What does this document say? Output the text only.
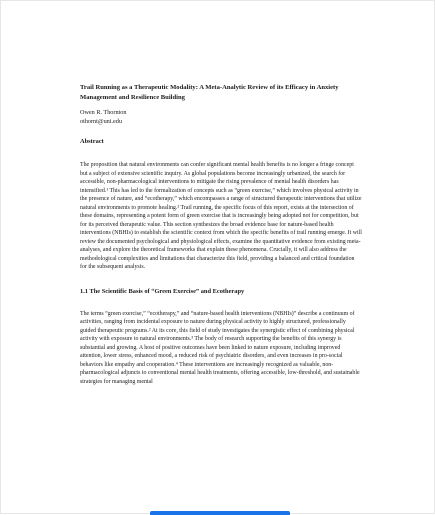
Trail Running as a Therapeutic Modality: A Meta-Analytic Review of its Efficacy in Anxiety Management and Resilience Building

Owen R. Thornton
othornt@uni.edu

Abstract

The proposition that natural environments can confer significant mental health benefits is no longer a fringe concept but a subject of extensive scientific inquiry. As global populations become increasingly urbanized, the search for accessible, non-pharmacological interventions to mitigate the rising prevalence of mental health disorders has intensified.¹ This has led to the formalization of concepts such as “green exercise,” which involves physical activity in the presence of nature, and “ecotherapy,” which encompasses a range of structured therapeutic interventions that utilize natural environments to promote healing.² Trail running, the specific focus of this report, exists at the intersection of these domains, representing a potent form of green exercise that is increasingly being adopted not for competition, but for its perceived therapeutic value. This section synthesizes the broad evidence base for nature-based health interventions (NBHIs) to establish the scientific context from which the specific benefits of trail running emerge. It will review the documented psychological and physiological effects, examine the quantitative evidence from existing meta-analyses, and explore the theoretical frameworks that explain these phenomena. Crucially, it will also address the methodological complexities and limitations that characterize this field, providing a balanced and critical foundation for the subsequent analysis.

1.1 The Scientific Basis of “Green Exercise” and Ecotherapy

The terms “green exercise,” “ecotherapy,” and “nature-based health interventions (NBHIs)” describe a continuum of activities, ranging from incidental exposure to nature during physical activity to highly structured, professionally guided therapeutic programs.² At its core, this field of study investigates the synergistic effect of combining physical activity with exposure to natural environments.³ The body of research supporting the benefits of this synergy is substantial and growing. A host of positive outcomes have been linked to nature exposure, including improved attention, lower stress, enhanced mood, a reduced risk of psychiatric disorders, and even increases in pro-social behaviors like empathy and cooperation.⁴ These interventions are increasingly recognized as valuable, non-pharmacological adjuncts to conventional mental health treatments, offering accessible, low-threshold, and sustainable strategies for managing mental
